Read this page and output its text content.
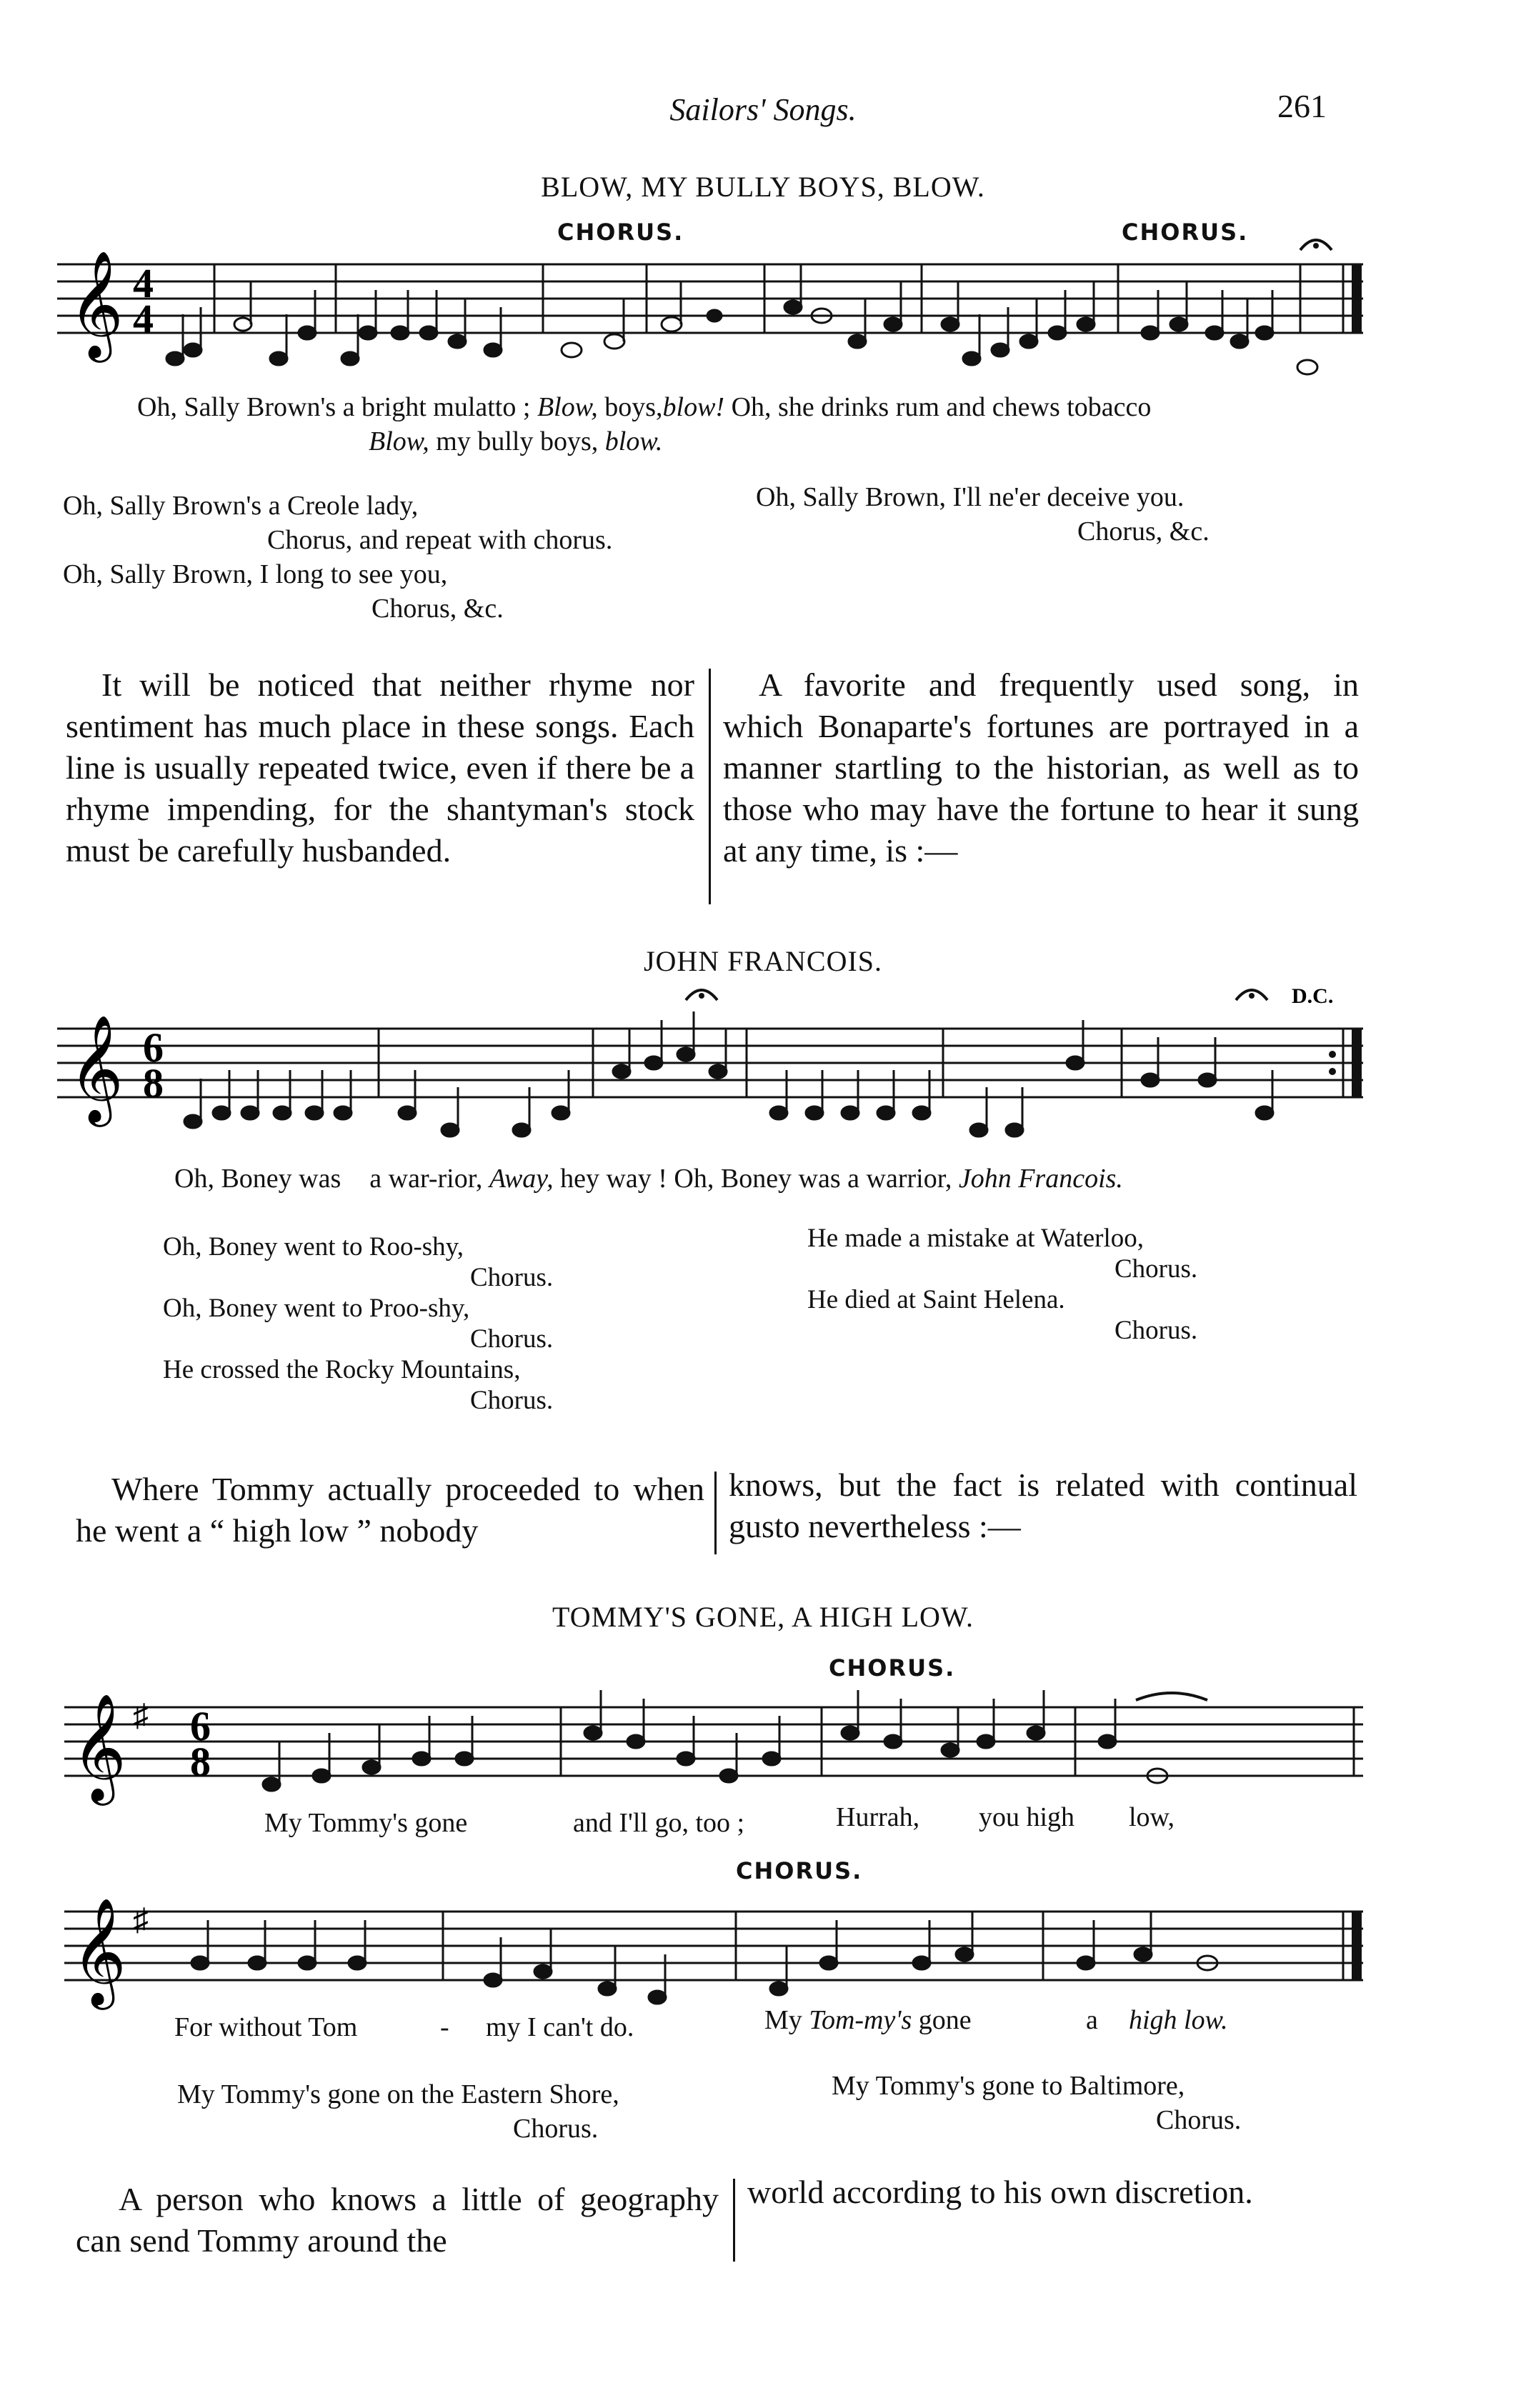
Sailors' Songs.	261
BLOW, MY BULLY BOYS, BLOW.
CHORUS.	CHORUS.
𝄞 4
4
Oh, Sally Brown's a bright mulatto ; Blow, boys,blow! Oh, she drinks rum and chews tobacco
Blow, my bully boys, blow.
Oh, Sally Brown's a Creole lady,
Chorus, and repeat with chorus.
Oh, Sally Brown, I long to see you,
Chorus, &c.
Oh, Sally Brown, I'll ne'er deceive you.
Chorus, &c.

It will be noticed that neither rhyme nor sentiment has much place in these songs. Each line is usually repeated twice, even if there be a rhyme impending, for the shantyman's stock must be carefully husbanded.

A favorite and frequently used song, in which Bonaparte's fortunes are portrayed in a manner startling to the historian, as well as to those who may have the fortune to hear it sung at any time, is :—

JOHN FRANCOIS.
𝄞 6
8
D.C.
Oh, Boney was a war-rior, Away, hey way ! Oh, Boney was a warrior, John Francois.
Oh, Boney went to Roo-shy,
Chorus.
Oh, Boney went to Proo-shy,
Chorus.
He crossed the Rocky Mountains,
Chorus.
He made a mistake at Waterloo,
Chorus.
He died at Saint Helena.
Chorus.

Where Tommy actually proceeded to when he went a “ high low ” nobody

knows, but the fact is related with continual gusto nevertheless :—

TOMMY'S GONE, A HIGH LOW.
CHORUS.
𝄞 ♯ 6
8
My Tommy's gone	and I'll go, too ;	Hurrah, you high low,
CHORUS.
𝄞 ♯
For without Tom	- my I can't do.	My Tom-my's gone	a high low.
My Tommy's gone on the Eastern Shore,
Chorus.
My Tommy's gone to Baltimore,
Chorus.

A person who knows a little of geography can send Tommy around the

world according to his own discretion.
